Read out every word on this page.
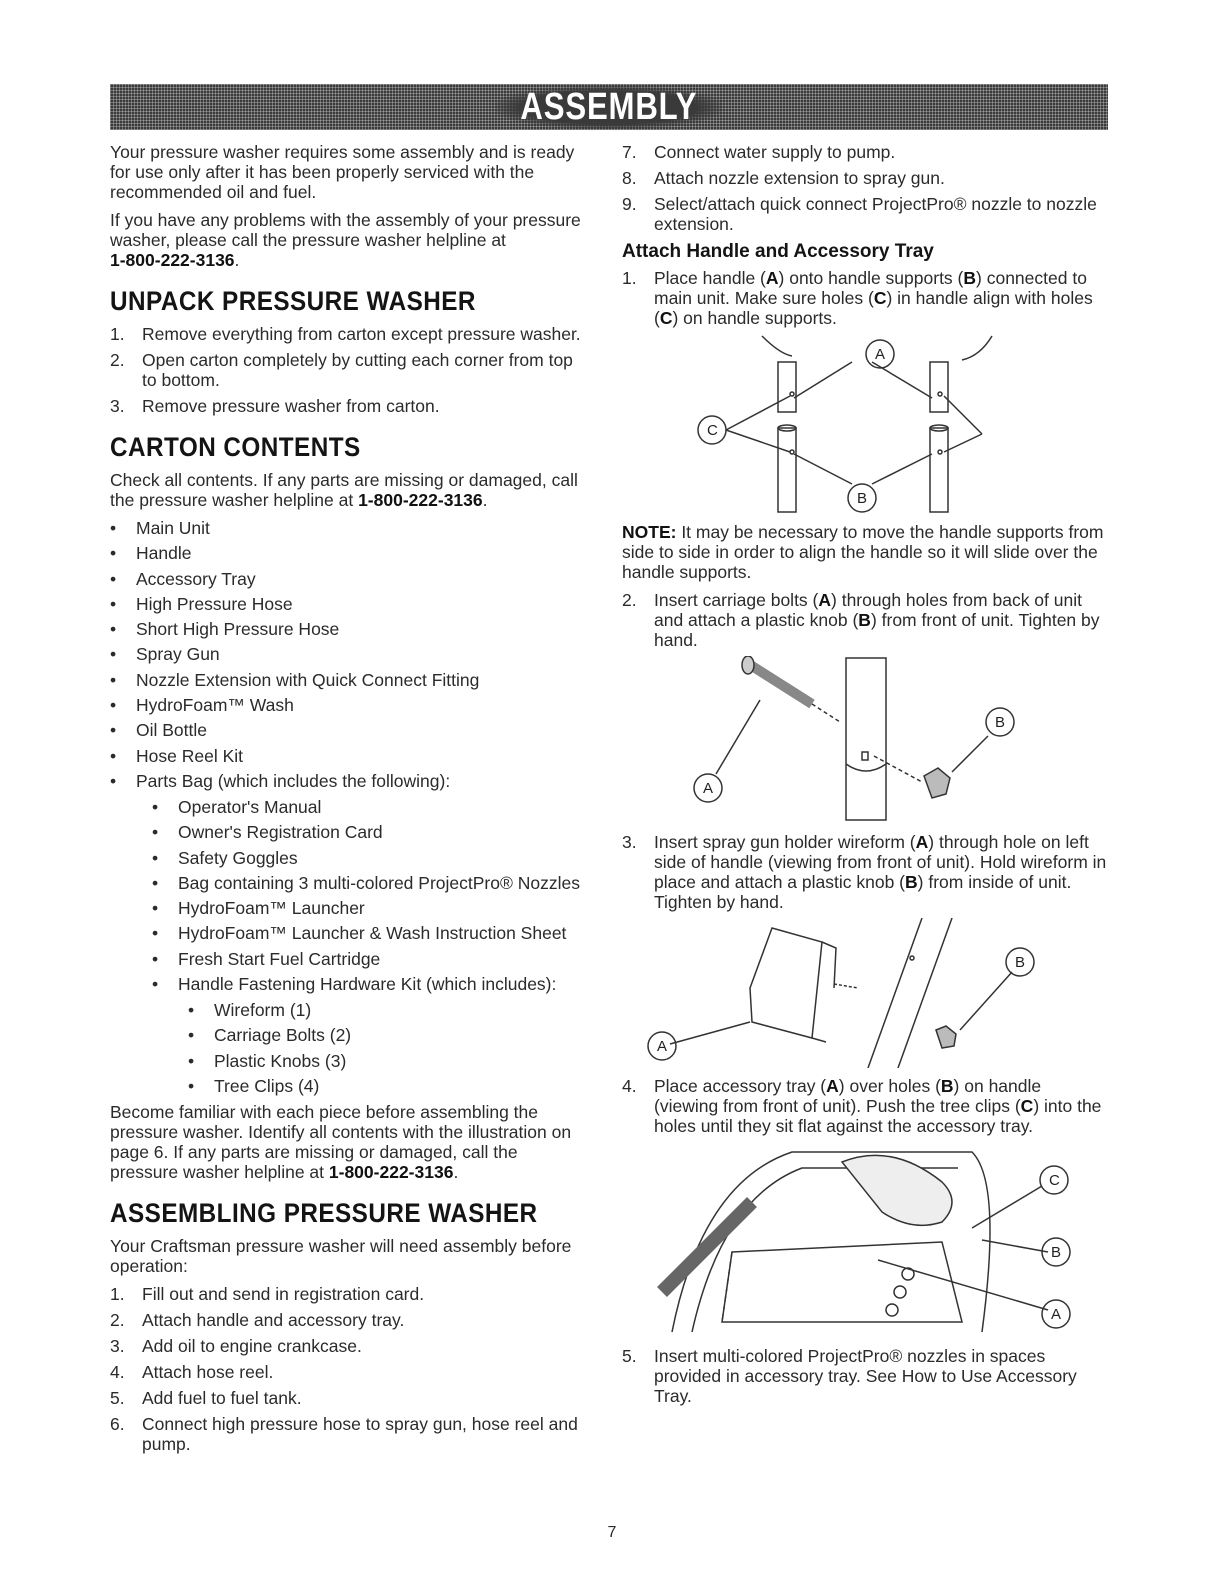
ASSEMBLY

Your pressure washer requires some assembly and is ready for use only after it has been properly serviced with the recommended oil and fuel.

If you have any problems with the assembly of your pressure washer, please call the pressure washer helpline at
1-800-222-3136.

UNPACK PRESSURE WASHER
1. Remove everything from carton except pressure washer.
2. Open carton completely by cutting each corner from top to bottom.
3. Remove pressure washer from carton.
CARTON CONTENTS

Check all contents. If any parts are missing or damaged, call the pressure washer helpline at 1-800-222-3136.

• Main Unit
• Handle
• Accessory Tray
• High Pressure Hose
• Short High Pressure Hose
• Spray Gun
• Nozzle Extension with Quick Connect Fitting
• HydroFoam™ Wash
• Oil Bottle
• Hose Reel Kit
• Parts Bag (which includes the following):
• Operator's Manual
• Owner's Registration Card
• Safety Goggles
• Bag containing 3 multi-colored ProjectPro® Nozzles
• HydroFoam™ Launcher
• HydroFoam™ Launcher & Wash Instruction Sheet
• Fresh Start Fuel Cartridge
• Handle Fastening Hardware Kit (which includes):
• Wireform (1)
• Carriage Bolts (2)
• Plastic Knobs (3)
• Tree Clips (4)

Become familiar with each piece before assembling the pressure washer. Identify all contents with the illustration on page 6. If any parts are missing or damaged, call the pressure washer helpline at 1-800-222-3136.

ASSEMBLING PRESSURE WASHER

Your Craftsman pressure washer will need assembly before operation:

1. Fill out and send in registration card.
2. Attach handle and accessory tray.
3. Add oil to engine crankcase.
4. Attach hose reel.
5. Add fuel to fuel tank.
6. Connect high pressure hose to spray gun, hose reel and pump.
7. Connect water supply to pump.
8. Attach nozzle extension to spray gun.
9. Select/attach quick connect ProjectPro® nozzle to nozzle extension.
Attach Handle and Accessory Tray
1. Place handle (A) onto handle supports (B) connected to main unit. Make sure holes (C) in handle align with holes (C) on handle supports.
A
C
B

NOTE: It may be necessary to move the handle supports from side to side in order to align the handle so it will slide over the handle supports.

2. Insert carriage bolts (A) through holes from back of unit and attach a plastic knob (B) from front of unit. Tighten by hand.
A
B
3. Insert spray gun holder wireform (A) through hole on left side of handle (viewing from front of unit). Hold wireform in place and attach a plastic knob (B) from inside of unit. Tighten by hand.
A
B
4. Place accessory tray (A) over holes (B) on handle (viewing from front of unit). Push the tree clips (C) into the holes until they sit flat against the accessory tray.
C
B
A
5. Insert multi-colored ProjectPro® nozzles in spaces provided in accessory tray. See How to Use Accessory Tray.
7
